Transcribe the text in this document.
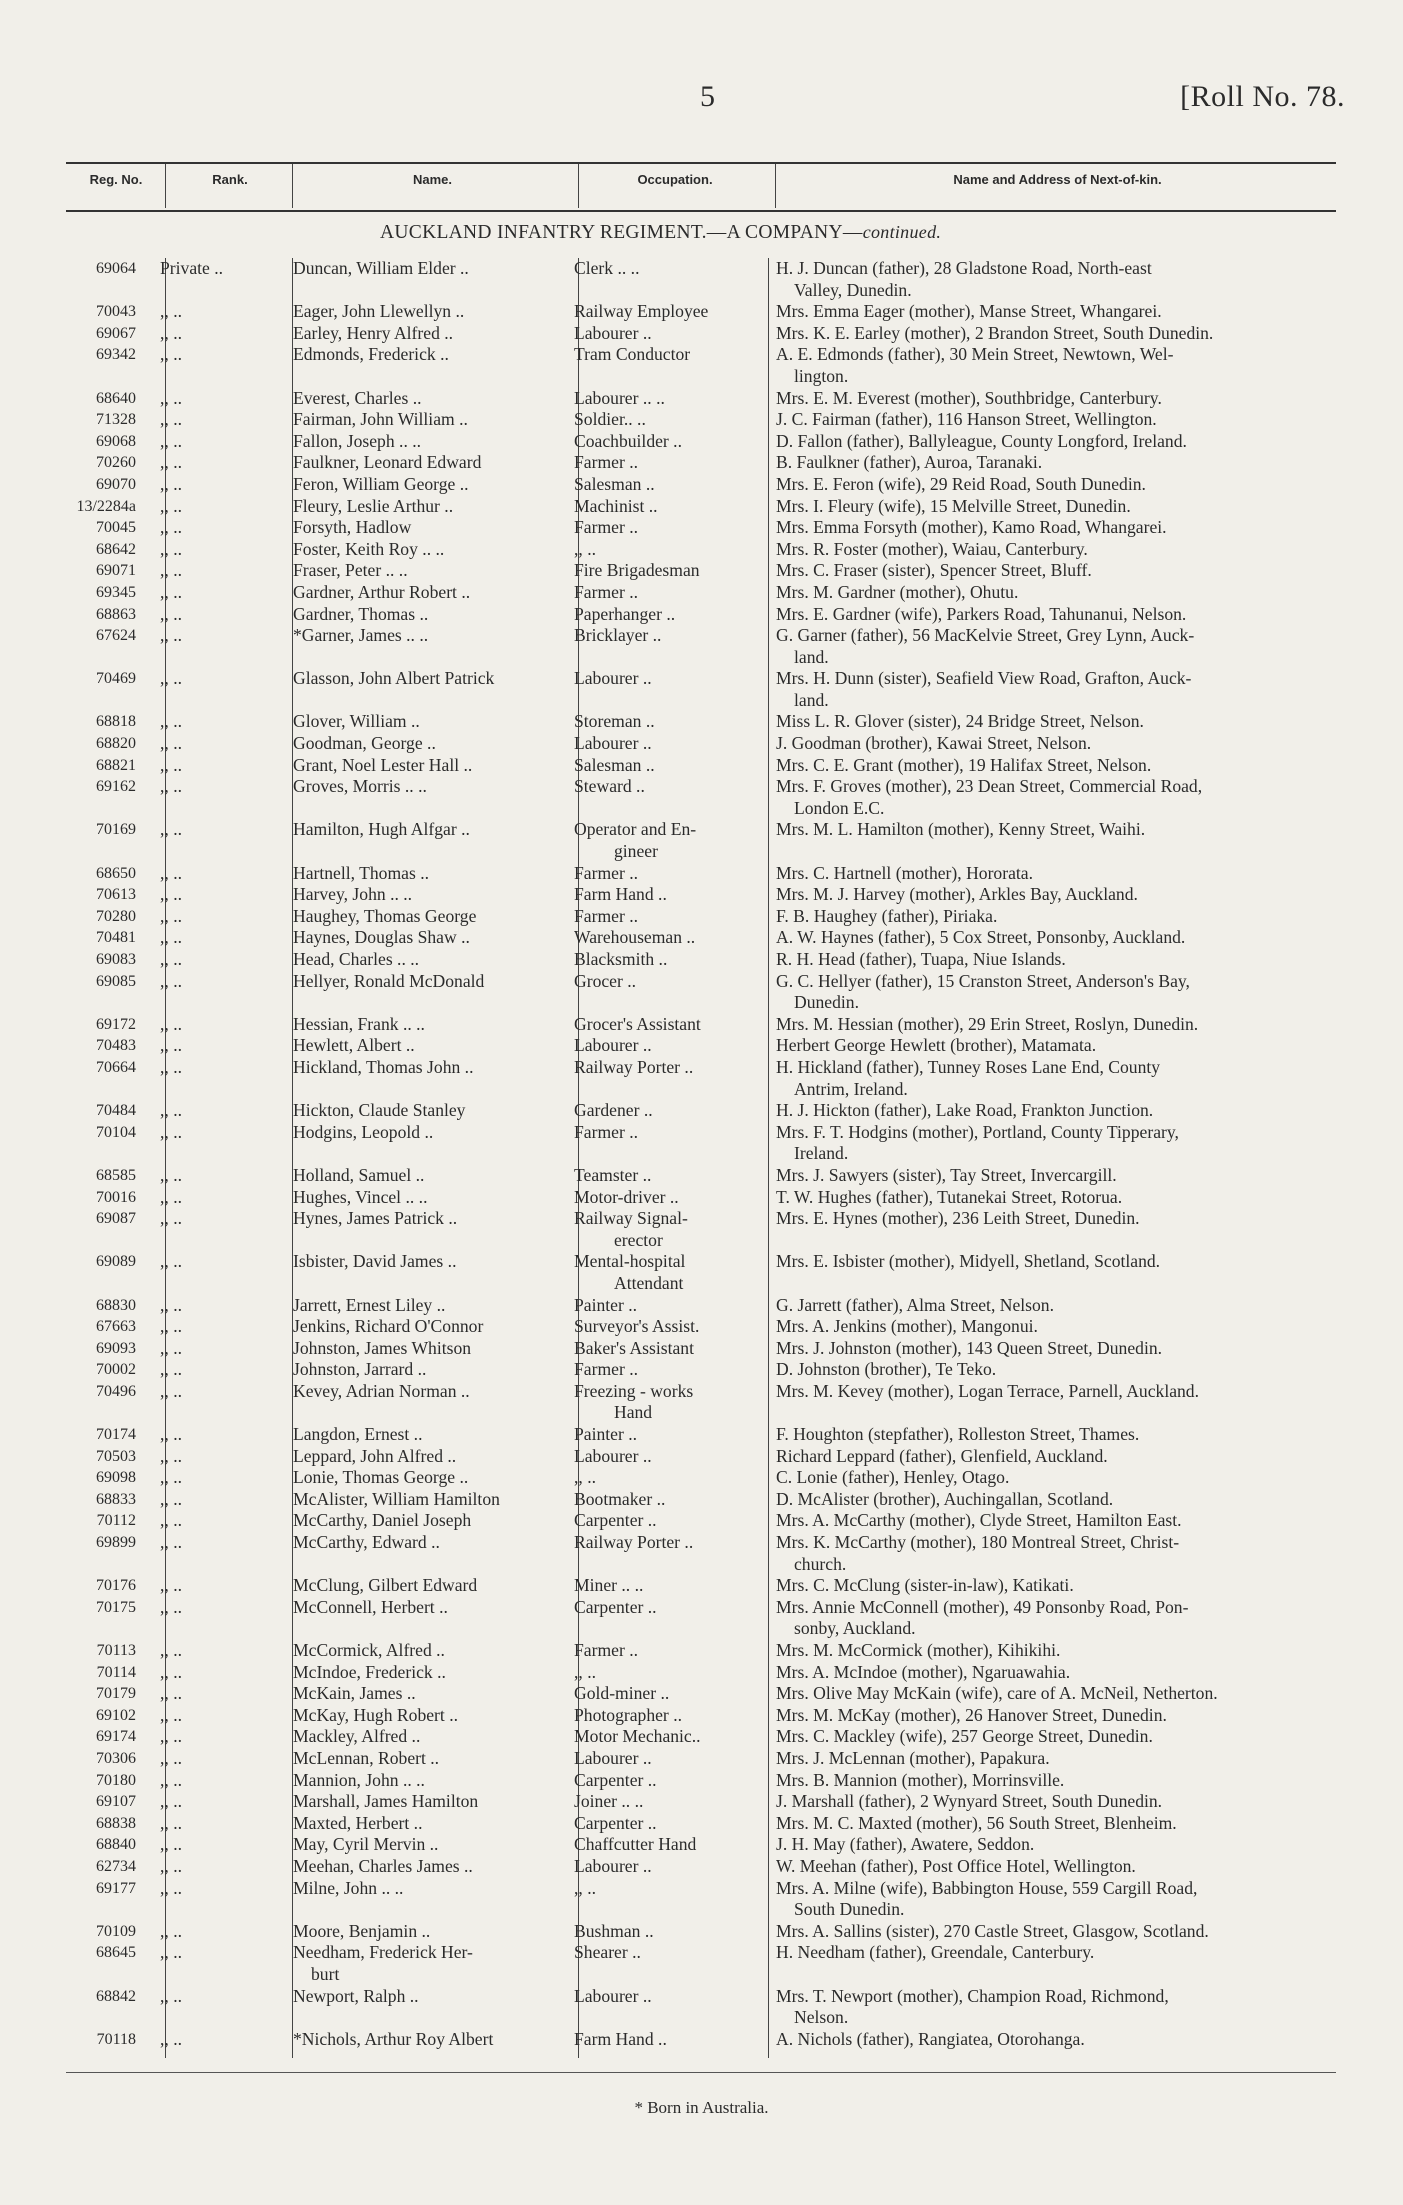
5	[Roll No. 78.
Reg. No.	Rank.	Name.	Occupation.	Name and Address of Next-of-kin.
AUCKLAND INFANTRY REGIMENT.—A COMPANY—continued.
69064 Private ..	Duncan, William Elder ..	Clerk .. ..	H. J. Duncan (father), 28 Gladstone Road, North-east
Valley, Dunedin.
70043 ,, ..	Eager, John Llewellyn ..	Railway Employee	Mrs. Emma Eager (mother), Manse Street, Whangarei.
69067 ,, ..	Earley, Henry Alfred ..	Labourer ..	Mrs. K. E. Earley (mother), 2 Brandon Street, South Dunedin.
69342 ,, ..	Edmonds, Frederick ..	Tram Conductor	A. E. Edmonds (father), 30 Mein Street, Newtown, Wel-
lington.
68640 ,, ..	Everest, Charles ..	Labourer .. ..	Mrs. E. M. Everest (mother), Southbridge, Canterbury.
71328 ,, ..	Fairman, John William ..	Soldier.. ..	J. C. Fairman (father), 116 Hanson Street, Wellington.
69068 ,, ..	Fallon, Joseph .. ..	Coachbuilder ..	D. Fallon (father), Ballyleague, County Longford, Ireland.
70260 ,, ..	Faulkner, Leonard Edward	Farmer ..	B. Faulkner (father), Auroa, Taranaki.
69070 ,, ..	Feron, William George ..	Salesman ..	Mrs. E. Feron (wife), 29 Reid Road, South Dunedin.
13/2284a ,, ..	Fleury, Leslie Arthur ..	Machinist ..	Mrs. I. Fleury (wife), 15 Melville Street, Dunedin.
70045 ,, ..	Forsyth, Hadlow	Farmer ..	Mrs. Emma Forsyth (mother), Kamo Road, Whangarei.
68642 ,, ..	Foster, Keith Roy .. ..	,, ..	Mrs. R. Foster (mother), Waiau, Canterbury.
69071 ,, ..	Fraser, Peter .. ..	Fire Brigadesman	Mrs. C. Fraser (sister), Spencer Street, Bluff.
69345 ,, ..	Gardner, Arthur Robert ..	Farmer ..	Mrs. M. Gardner (mother), Ohutu.
68863 ,, ..	Gardner, Thomas ..	Paperhanger ..	Mrs. E. Gardner (wife), Parkers Road, Tahunanui, Nelson.
67624 ,, ..	*Garner, James .. ..	Bricklayer ..	G. Garner (father), 56 MacKelvie Street, Grey Lynn, Auck-
land.
70469 ,, ..	Glasson, John Albert Patrick	Labourer ..	Mrs. H. Dunn (sister), Seafield View Road, Grafton, Auck-
land.
68818 ,, ..	Glover, William ..	Storeman ..	Miss L. R. Glover (sister), 24 Bridge Street, Nelson.
68820 ,, ..	Goodman, George ..	Labourer ..	J. Goodman (brother), Kawai Street, Nelson.
68821 ,, ..	Grant, Noel Lester Hall ..	Salesman ..	Mrs. C. E. Grant (mother), 19 Halifax Street, Nelson.
69162 ,, ..	Groves, Morris .. ..	Steward ..	Mrs. F. Groves (mother), 23 Dean Street, Commercial Road,
London E.C.
70169 ,, ..	Hamilton, Hugh Alfgar ..	Operator and En-
gineer
Mrs. M. L. Hamilton (mother), Kenny Street, Waihi.
68650 ,, ..	Hartnell, Thomas ..	Farmer ..	Mrs. C. Hartnell (mother), Hororata.
70613 ,, ..	Harvey, John .. ..	Farm Hand ..	Mrs. M. J. Harvey (mother), Arkles Bay, Auckland.
70280 ,, ..	Haughey, Thomas George	Farmer ..	F. B. Haughey (father), Piriaka.
70481 ,, ..	Haynes, Douglas Shaw ..	Warehouseman ..	A. W. Haynes (father), 5 Cox Street, Ponsonby, Auckland.
69083 ,, ..	Head, Charles .. ..	Blacksmith ..	R. H. Head (father), Tuapa, Niue Islands.
69085 ,, ..	Hellyer, Ronald McDonald	Grocer ..	G. C. Hellyer (father), 15 Cranston Street, Anderson's Bay,
Dunedin.
69172 ,, ..	Hessian, Frank .. ..	Grocer's Assistant	Mrs. M. Hessian (mother), 29 Erin Street, Roslyn, Dunedin.
70483 ,, ..	Hewlett, Albert ..	Labourer ..	Herbert George Hewlett (brother), Matamata.
70664 ,, ..	Hickland, Thomas John ..	Railway Porter ..	H. Hickland (father), Tunney Roses Lane End, County
Antrim, Ireland.
70484 ,, ..	Hickton, Claude Stanley	Gardener ..	H. J. Hickton (father), Lake Road, Frankton Junction.
70104 ,, ..	Hodgins, Leopold ..	Farmer ..	Mrs. F. T. Hodgins (mother), Portland, County Tipperary,
Ireland.
68585 ,, ..	Holland, Samuel ..	Teamster ..	Mrs. J. Sawyers (sister), Tay Street, Invercargill.
70016 ,, ..	Hughes, Vincel .. ..	Motor-driver ..	T. W. Hughes (father), Tutanekai Street, Rotorua.
69087 ,, ..	Hynes, James Patrick ..	Railway Signal-
erector
Mrs. E. Hynes (mother), 236 Leith Street, Dunedin.
69089 ,, ..	Isbister, David James ..	Mental-hospital
Attendant
Mrs. E. Isbister (mother), Midyell, Shetland, Scotland.
68830 ,, ..	Jarrett, Ernest Liley ..	Painter ..	G. Jarrett (father), Alma Street, Nelson.
67663 ,, ..	Jenkins, Richard O'Connor	Surveyor's Assist.	Mrs. A. Jenkins (mother), Mangonui.
69093 ,, ..	Johnston, James Whitson	Baker's Assistant	Mrs. J. Johnston (mother), 143 Queen Street, Dunedin.
70002 ,, ..	Johnston, Jarrard ..	Farmer ..	D. Johnston (brother), Te Teko.
70496 ,, ..	Kevey, Adrian Norman ..	Freezing - works
Hand
Mrs. M. Kevey (mother), Logan Terrace, Parnell, Auckland.
70174 ,, ..	Langdon, Ernest ..	Painter ..	F. Houghton (stepfather), Rolleston Street, Thames.
70503 ,, ..	Leppard, John Alfred ..	Labourer ..	Richard Leppard (father), Glenfield, Auckland.
69098 ,, ..	Lonie, Thomas George ..	,, ..	C. Lonie (father), Henley, Otago.
68833 ,, ..	McAlister, William Hamilton	Bootmaker ..	D. McAlister (brother), Auchingallan, Scotland.
70112 ,, ..	McCarthy, Daniel Joseph	Carpenter ..	Mrs. A. McCarthy (mother), Clyde Street, Hamilton East.
69899 ,, ..	McCarthy, Edward ..	Railway Porter ..	Mrs. K. McCarthy (mother), 180 Montreal Street, Christ-
church.
70176 ,, ..	McClung, Gilbert Edward	Miner .. ..	Mrs. C. McClung (sister-in-law), Katikati.
70175 ,, ..	McConnell, Herbert ..	Carpenter ..	Mrs. Annie McConnell (mother), 49 Ponsonby Road, Pon-
sonby, Auckland.
70113 ,, ..	McCormick, Alfred ..	Farmer ..	Mrs. M. McCormick (mother), Kihikihi.
70114 ,, ..	McIndoe, Frederick ..	,, ..	Mrs. A. McIndoe (mother), Ngaruawahia.
70179 ,, ..	McKain, James ..	Gold-miner ..	Mrs. Olive May McKain (wife), care of A. McNeil, Netherton.
69102 ,, ..	McKay, Hugh Robert ..	Photographer ..	Mrs. M. McKay (mother), 26 Hanover Street, Dunedin.
69174 ,, ..	Mackley, Alfred ..	Motor Mechanic..	Mrs. C. Mackley (wife), 257 George Street, Dunedin.
70306 ,, ..	McLennan, Robert ..	Labourer ..	Mrs. J. McLennan (mother), Papakura.
70180 ,, ..	Mannion, John .. ..	Carpenter ..	Mrs. B. Mannion (mother), Morrinsville.
69107 ,, ..	Marshall, James Hamilton	Joiner .. ..	J. Marshall (father), 2 Wynyard Street, South Dunedin.
68838 ,, ..	Maxted, Herbert ..	Carpenter ..	Mrs. M. C. Maxted (mother), 56 South Street, Blenheim.
68840 ,, ..	May, Cyril Mervin ..	Chaffcutter Hand	J. H. May (father), Awatere, Seddon.
62734 ,, ..	Meehan, Charles James ..	Labourer ..	W. Meehan (father), Post Office Hotel, Wellington.
69177 ,, ..	Milne, John .. ..	,, ..	Mrs. A. Milne (wife), Babbington House, 559 Cargill Road,
South Dunedin.
70109 ,, ..	Moore, Benjamin ..	Bushman ..	Mrs. A. Sallins (sister), 270 Castle Street, Glasgow, Scotland.
68645 ,, ..	Needham, Frederick Her-
burt
Shearer ..	H. Needham (father), Greendale, Canterbury.
68842 ,, ..	Newport, Ralph ..	Labourer ..	Mrs. T. Newport (mother), Champion Road, Richmond,
Nelson.
70118 ,, ..	*Nichols, Arthur Roy Albert	Farm Hand ..	A. Nichols (father), Rangiatea, Otorohanga.
* Born in Australia.
